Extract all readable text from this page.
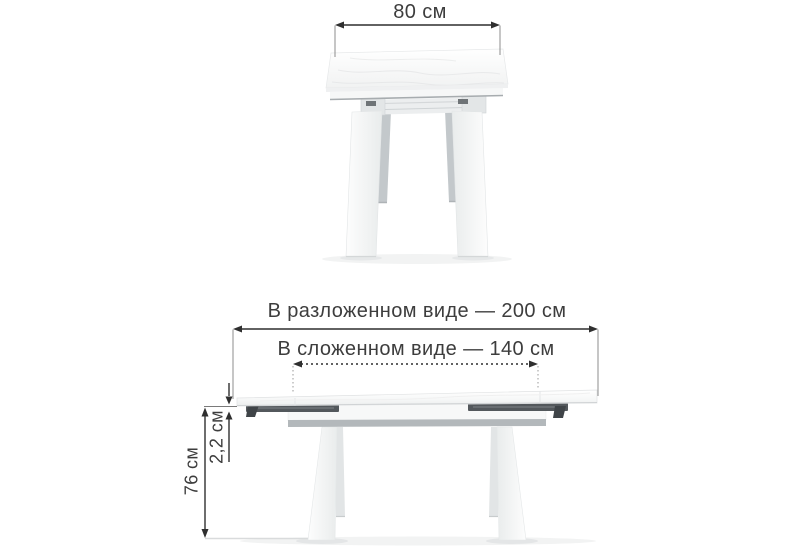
80 см
В разложенном виде — 200 см
В сложенном виде — 140 см
76 см
2,2 см
